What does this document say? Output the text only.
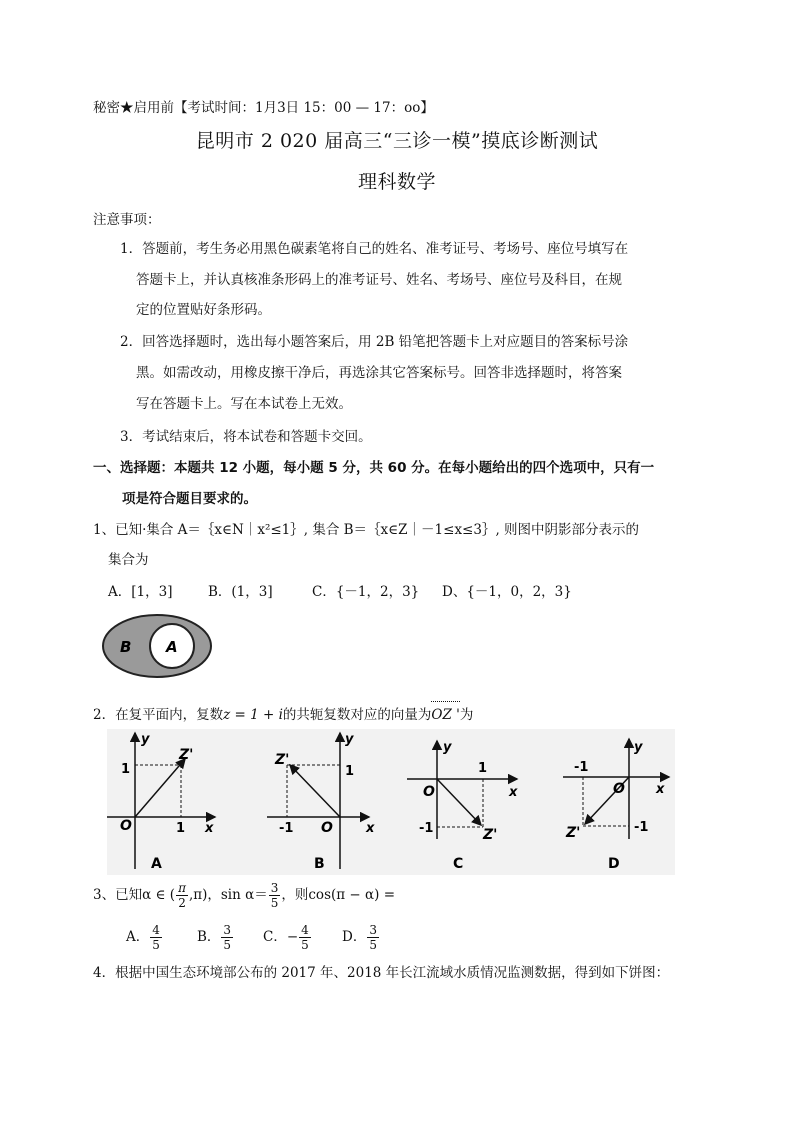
秘密★启用前【考试时间：1月3日 15：00 — 17：oo】
昆明市 2 020 届高三“三诊一模”摸底诊断测试
理科数学
注意事项：
1．答题前，考生务必用黑色碳素笔将自己的姓名、准考证号、考场号、座位号填写在
答题卡上，并认真核准条形码上的准考证号、姓名、考场号、座位号及科目，在规
定的位置贴好条形码。
2．回答选择题时，选出每小题答案后，用 2B 铅笔把答题卡上对应题目的答案标号涂
黑。如需改动，用橡皮擦干净后，再选涂其它答案标号。回答非选择题时，将答案
写在答题卡上。写在本试卷上无效。
3．考试结束后，将本试卷和答题卡交回。
一、选择题：本题共 12 小题，每小题 5 分，共 60 分。在每小题给出的四个选项中，只有一
项是符合题目要求的。
1、已知·集合 A＝｛x∈N｜x²≤1｝, 集合 B＝｛x∈Z｜－1≤x≤3｝, 则图中阴影部分表示的
集合为
A．[1，3]	B．(1，3]	C．{－1，2，3} D、{－1，0，2，3}
B A
2．在复平面内，复数z = 1 + i的共轭复数对应的向量为
OZ '为
y
x
O
Z'
1
1
A
y
Z'
1
-1 O	x
B
y
1
x
O
-1	Z'
C
y
-1
O x
-1
Z'
D
3、已知α ∈ ( $\frac{\pi}{2} ,\pi$)，$\sin \alpha= \frac{3}{5}$ ，则cos(π − α) =
A． $\frac{4}{5}$	B． $\frac{3}{5}$ C．− $\frac{4}{5}$ D． $\frac{3}{5}$
4．根据中国生态环境部公布的 2017 年、2018 年长江流域水质情况监测数据，得到如下饼图：
